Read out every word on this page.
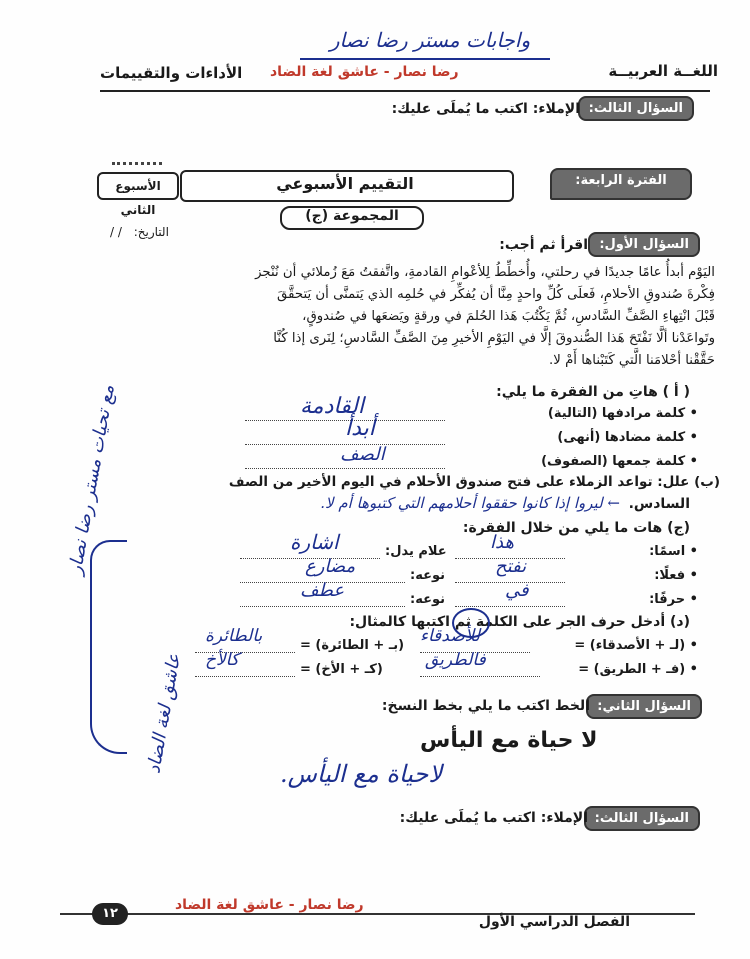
واجابات مستر رضا نصار
اللغــة العربيــة
رضا نصار - عاشق لغة الضاد
الأداءات والتقييمات
السؤال الثالث:
الإملاء: اكتب ما يُملَى عليك:
التقييم الأسبوعي	الفترة الرابعة:
الأسبوع الثاني	المجموعة (ج)
التاريخ: / /
السؤال الأول:
اقرأ ثم أجب:
اليَوْم أبدأُ عامًا جديدًا في رحلتي، وأُخطِّطُ لِلأعْوامِ القادمةِ، واتَّفقتُ مَعَ زُملائي أن نُنْجز
فِكْرةَ صُندوقِ الأحلامِ، فَعلَى كُلِّ واحدٍ مِنَّا أن يُفكِّر في حُلمِه الذي يَتمنَّى أن يَتحقَّقَ
قَبْلَ انْتِهاءِ الصَّفِّ السَّادسِ، ثُمَّ يَكْتُبَ هَذا الحُلمَ في ورقةٍ ويَضعَها في صُندوقٍ،
وتَواعَدْنا ألَّا نَفْتَحَ هَذا الصُّندوقَ إلَّا في اليَوْمِ الأخيرِ مِنَ الصَّفِّ السَّادسِ؛ لِنَرى إذا كُنَّا
حَقَّقْنا أحْلامَنا الَّتي كَتَبْناها أَمْ لا.
( أ ) هاتِ من الفقرة ما يلي:
• كلمة مرادفها (التالية)
القادمة
• كلمة مضادها (أنهى)
أبدأ
• كلمة جمعها (الصفوف)
الصف
(ب) علل: تواعد الزملاء على فتح صندوق الأحلام في اليوم الأخير من الصف
السادس.
← ليروا إذا كانوا حققوا أحلامهم التي كتبوها أم لا.
(ج) هات ما يلي من خلال الفقرة:
• اسمًا:
هذا
علام يدل:
اشارة
• فعلًا:
نفتح
نوعه:
مضارع
• حرفًا:
في
نوعه:
عطف
(د) أدخل حرف الجر على الكلمة ثم اكتبها كالمثال:
• (لـ + الأصدقاء) =
للأصدقاء
(بـ + الطائرة) =
بالطائرة
• (فـ + الطريق) =
فالطريق
(كـ + الأخ) =
كالأخ
السؤال الثاني:
الخط اكتب ما يلي بخط النسخ:
لا حياة مع اليأس
لاحياة مع اليأس.
السؤال الثالث:
الإملاء: اكتب ما يُملَى عليك:
مع تحيات مستر رضا نصار
عاشق لغة الضاد
١٢
رضا نصار - عاشق لغة الضاد
الفصل الدراسي الأول
